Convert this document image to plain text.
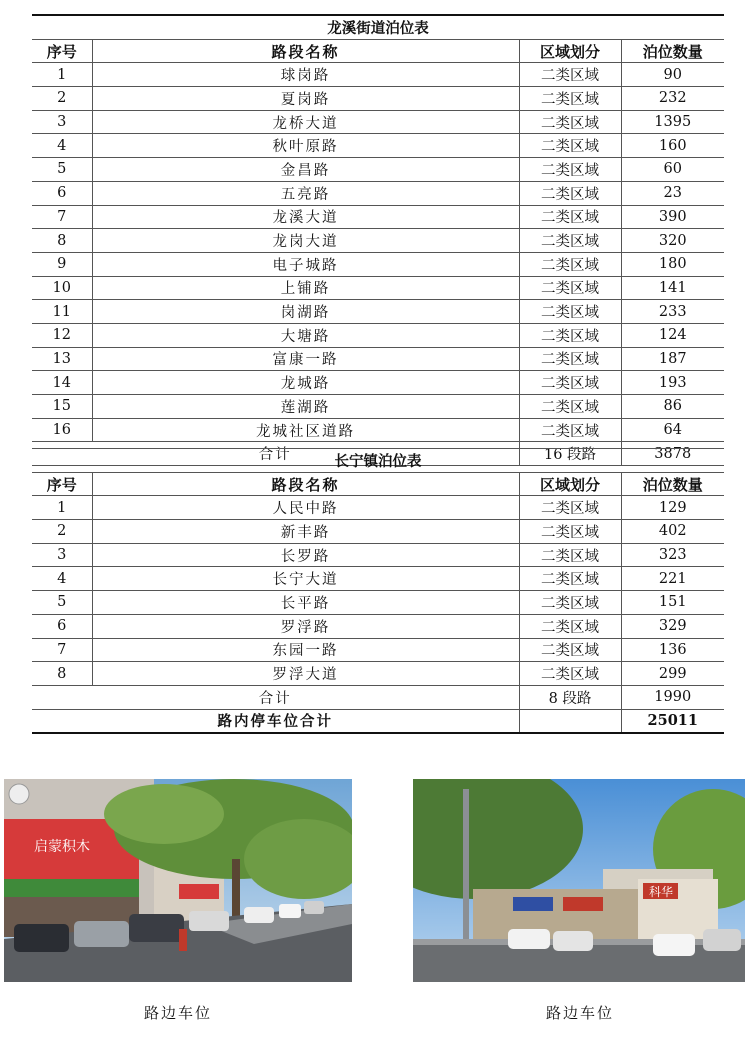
龙溪街道泊位表			
序号	路段名称	区域划分	泊位数量
1	球岗路	二类区域	90
2	夏岗路	二类区域	232
3	龙桥大道	二类区域	1395
4	秋叶原路	二类区域	160
5	金昌路	二类区域	60
6	五亮路	二类区域	23
7	龙溪大道	二类区域	390
8	龙岗大道	二类区域	320
9	电子城路	二类区域	180
10	上铺路	二类区域	141
11	岗湖路	二类区域	233
12	大塘路	二类区域	124
13	富康一路	二类区域	187
14	龙城路	二类区域	193
15	莲湖路	二类区域	86
16	龙城社区道路	二类区域	64
合计		16 段路	3878
长宁镇泊位表			
序号	路段名称	区域划分	泊位数量
1	人民中路	二类区域	129
2	新丰路	二类区域	402
3	长罗路	二类区域	323
4	长宁大道	二类区域	221
5	长平路	二类区域	151
6	罗浮路	二类区域	329
7	东园一路	二类区域	136
8	罗浮大道	二类区域	299
合计		8 段路	1990
路内停车位合计			25011
启蒙积木
科华
路边车位	路边车位
